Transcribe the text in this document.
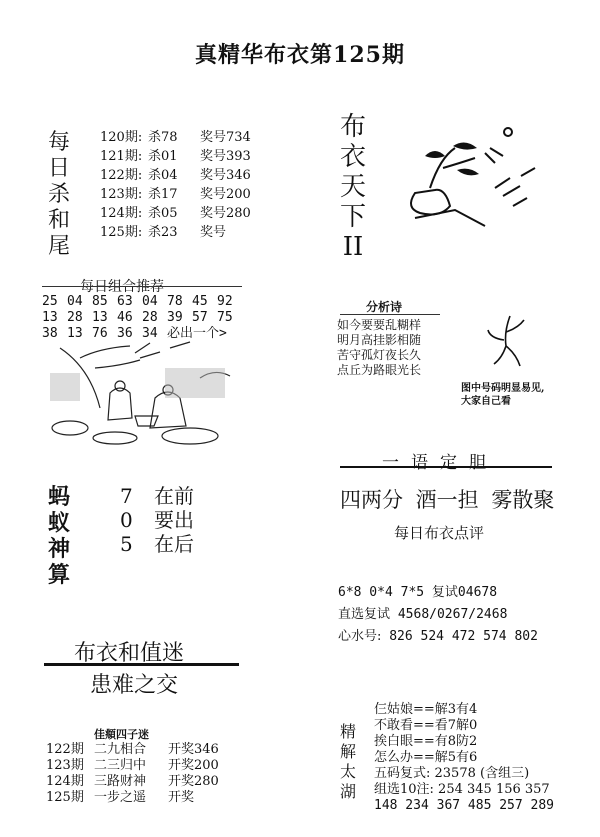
真精华布衣第125期
每
日
杀
和
尾
120期: 杀78 奖号734
121期: 杀01 奖号393
122期: 杀04 奖号346
123期: 杀17 奖号200
124期: 杀05 奖号280
125期: 杀23 奖号
每日组合推荐
25 04 85 63 04 78 45 92
13 28 13 46 28 39 57 75
38 13 76 36 34 必出一个>
蚂
蚁
神
算
7 在前
0 要出
5 在后
布衣和值迷
患难之交
佳頫四子迷
122期 二九相合 开奖346
123期 二三归中 开奖200
124期 三路财神 开奖280
125期 一步之遥 开奖
布
衣
天
下
II
分析诗
如今要要乱糊样
明月高挂影相随
苦守孤灯夜长久
点丘为路眼光长
图中号码明显易见,
大家自己看
一语定胆
四两分 酒一担 雾散聚
每日布衣点评
6*8 0*4 7*5 复试04678
直选复试 4568/0267/2468
心水号: 826 524 472 574 802
精
解
太
湖
仨姑娘==解3有4
不敢看==看7解0
挨白眼==有8防2
怎么办==解5有6
五码复式: 23578 (含组三)
组选10注: 254 345 156 357
148 234 367 485 257 289
